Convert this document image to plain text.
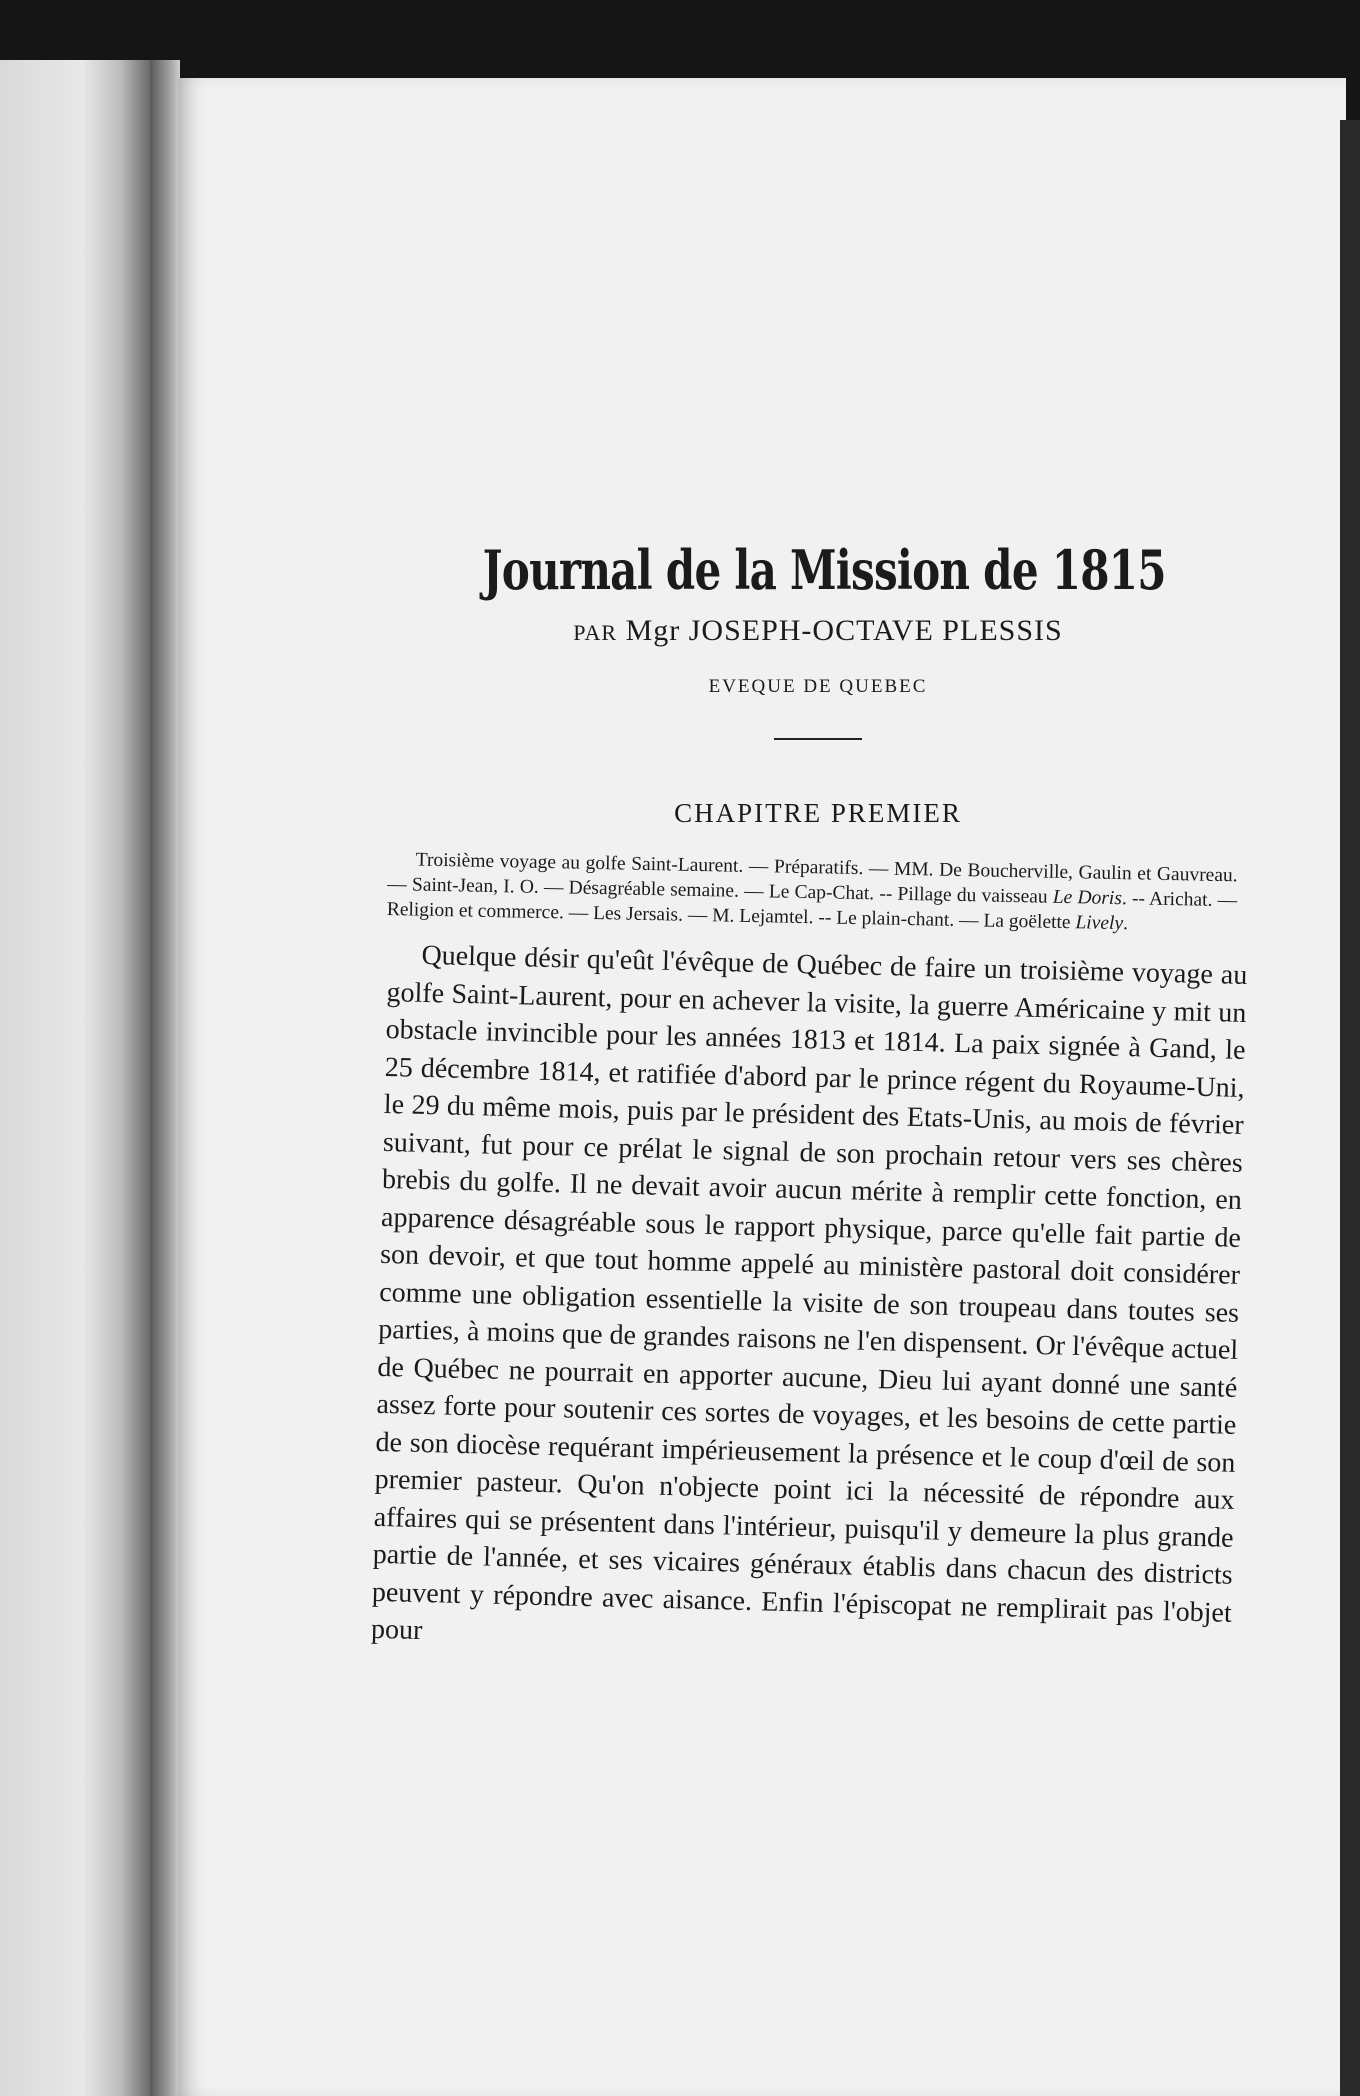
Journal de la Mission de 1815
PAR Mgr JOSEPH-OCTAVE PLESSIS
EVEQUE DE QUEBEC
CHAPITRE PREMIER

Troisième voyage au golfe Saint-Laurent. — Préparatifs. — MM. De Boucherville, Gaulin et Gauvreau. — Saint-Jean, I. O. — Désagréable semaine. — Le Cap-Chat. -- Pillage du vaisseau Le Doris. -- Arichat. — Religion et commerce. — Les Jersais. — M. Lejamtel. -- Le plain-chant. — La goëlette Lively.

Quelque désir qu'eût l'évêque de Québec de faire un troisième voyage au golfe Saint-Laurent, pour en achever la visite, la guerre Américaine y mit un obstacle invincible pour les années 1813 et 1814. La paix signée à Gand, le 25 décembre 1814, et ratifiée d'abord par le prince régent du Royaume-Uni, le 29 du même mois, puis par le président des Etats-Unis, au mois de février suivant, fut pour ce prélat le signal de son prochain retour vers ses chères brebis du golfe. Il ne devait avoir aucun mérite à remplir cette fonction, en apparence désagréable sous le rapport physique, parce qu'elle fait partie de son devoir, et que tout homme appelé au ministère pastoral doit considérer comme une obligation essentielle la visite de son troupeau dans toutes ses parties, à moins que de grandes raisons ne l'en dispensent. Or l'évêque actuel de Québec ne pourrait en apporter aucune, Dieu lui ayant donné une santé assez forte pour soutenir ces sortes de voyages, et les besoins de cette partie de son diocèse requérant impérieusement la présence et le coup d'œil de son premier pasteur. Qu'on n'objecte point ici la nécessité de répondre aux affaires qui se présentent dans l'intérieur, puisqu'il y demeure la plus grande partie de l'année, et ses vicaires généraux établis dans chacun des districts peuvent y répondre avec aisance. Enfin l'épiscopat ne remplirait pas l'objet pour
